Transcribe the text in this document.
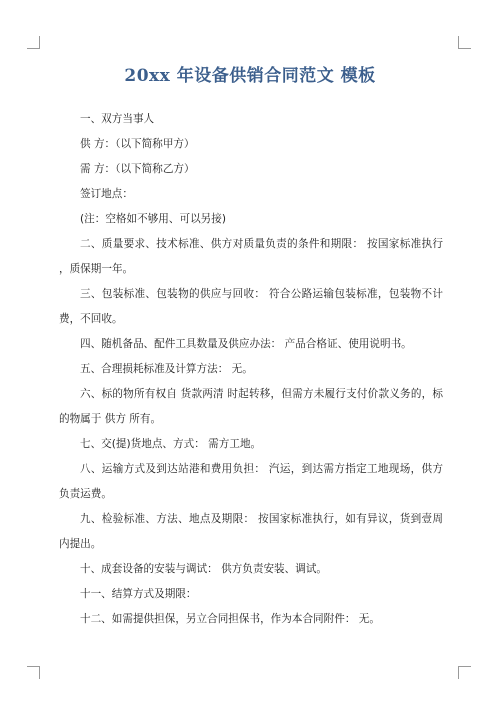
20xx 年设备供销合同范文 模板

一、双方当事人

供 方：（以下简称甲方）

需 方：（以下简称乙方）

签订地点：

(注：空格如不够用、可以另接)

二、质量要求、技术标准、供方对质量负责的条件和期限： 按国家标准执行 ，质保期一年。

三、包装标准、包装物的供应与回收： 符合公路运输包装标准，包装物不计费，不回收。

四、随机备品、配件工具数量及供应办法： 产品合格证、使用说明书。

五、合理损耗标准及计算方法： 无。

六、标的物所有权自 货款两清 时起转移，但需方未履行支付价款义务的，标的物属于 供方 所有。

七、交(提)货地点、方式： 需方工地。

八、运输方式及到达站港和费用负担： 汽运，到达需方指定工地现场，供方负责运费。

九、检验标准、方法、地点及期限： 按国家标准执行，如有异议，货到壹周内提出。

十、成套设备的安装与调试： 供方负责安装、调试。

十一、结算方式及期限：

十二、如需提供担保，另立合同担保书，作为本合同附件： 无。
